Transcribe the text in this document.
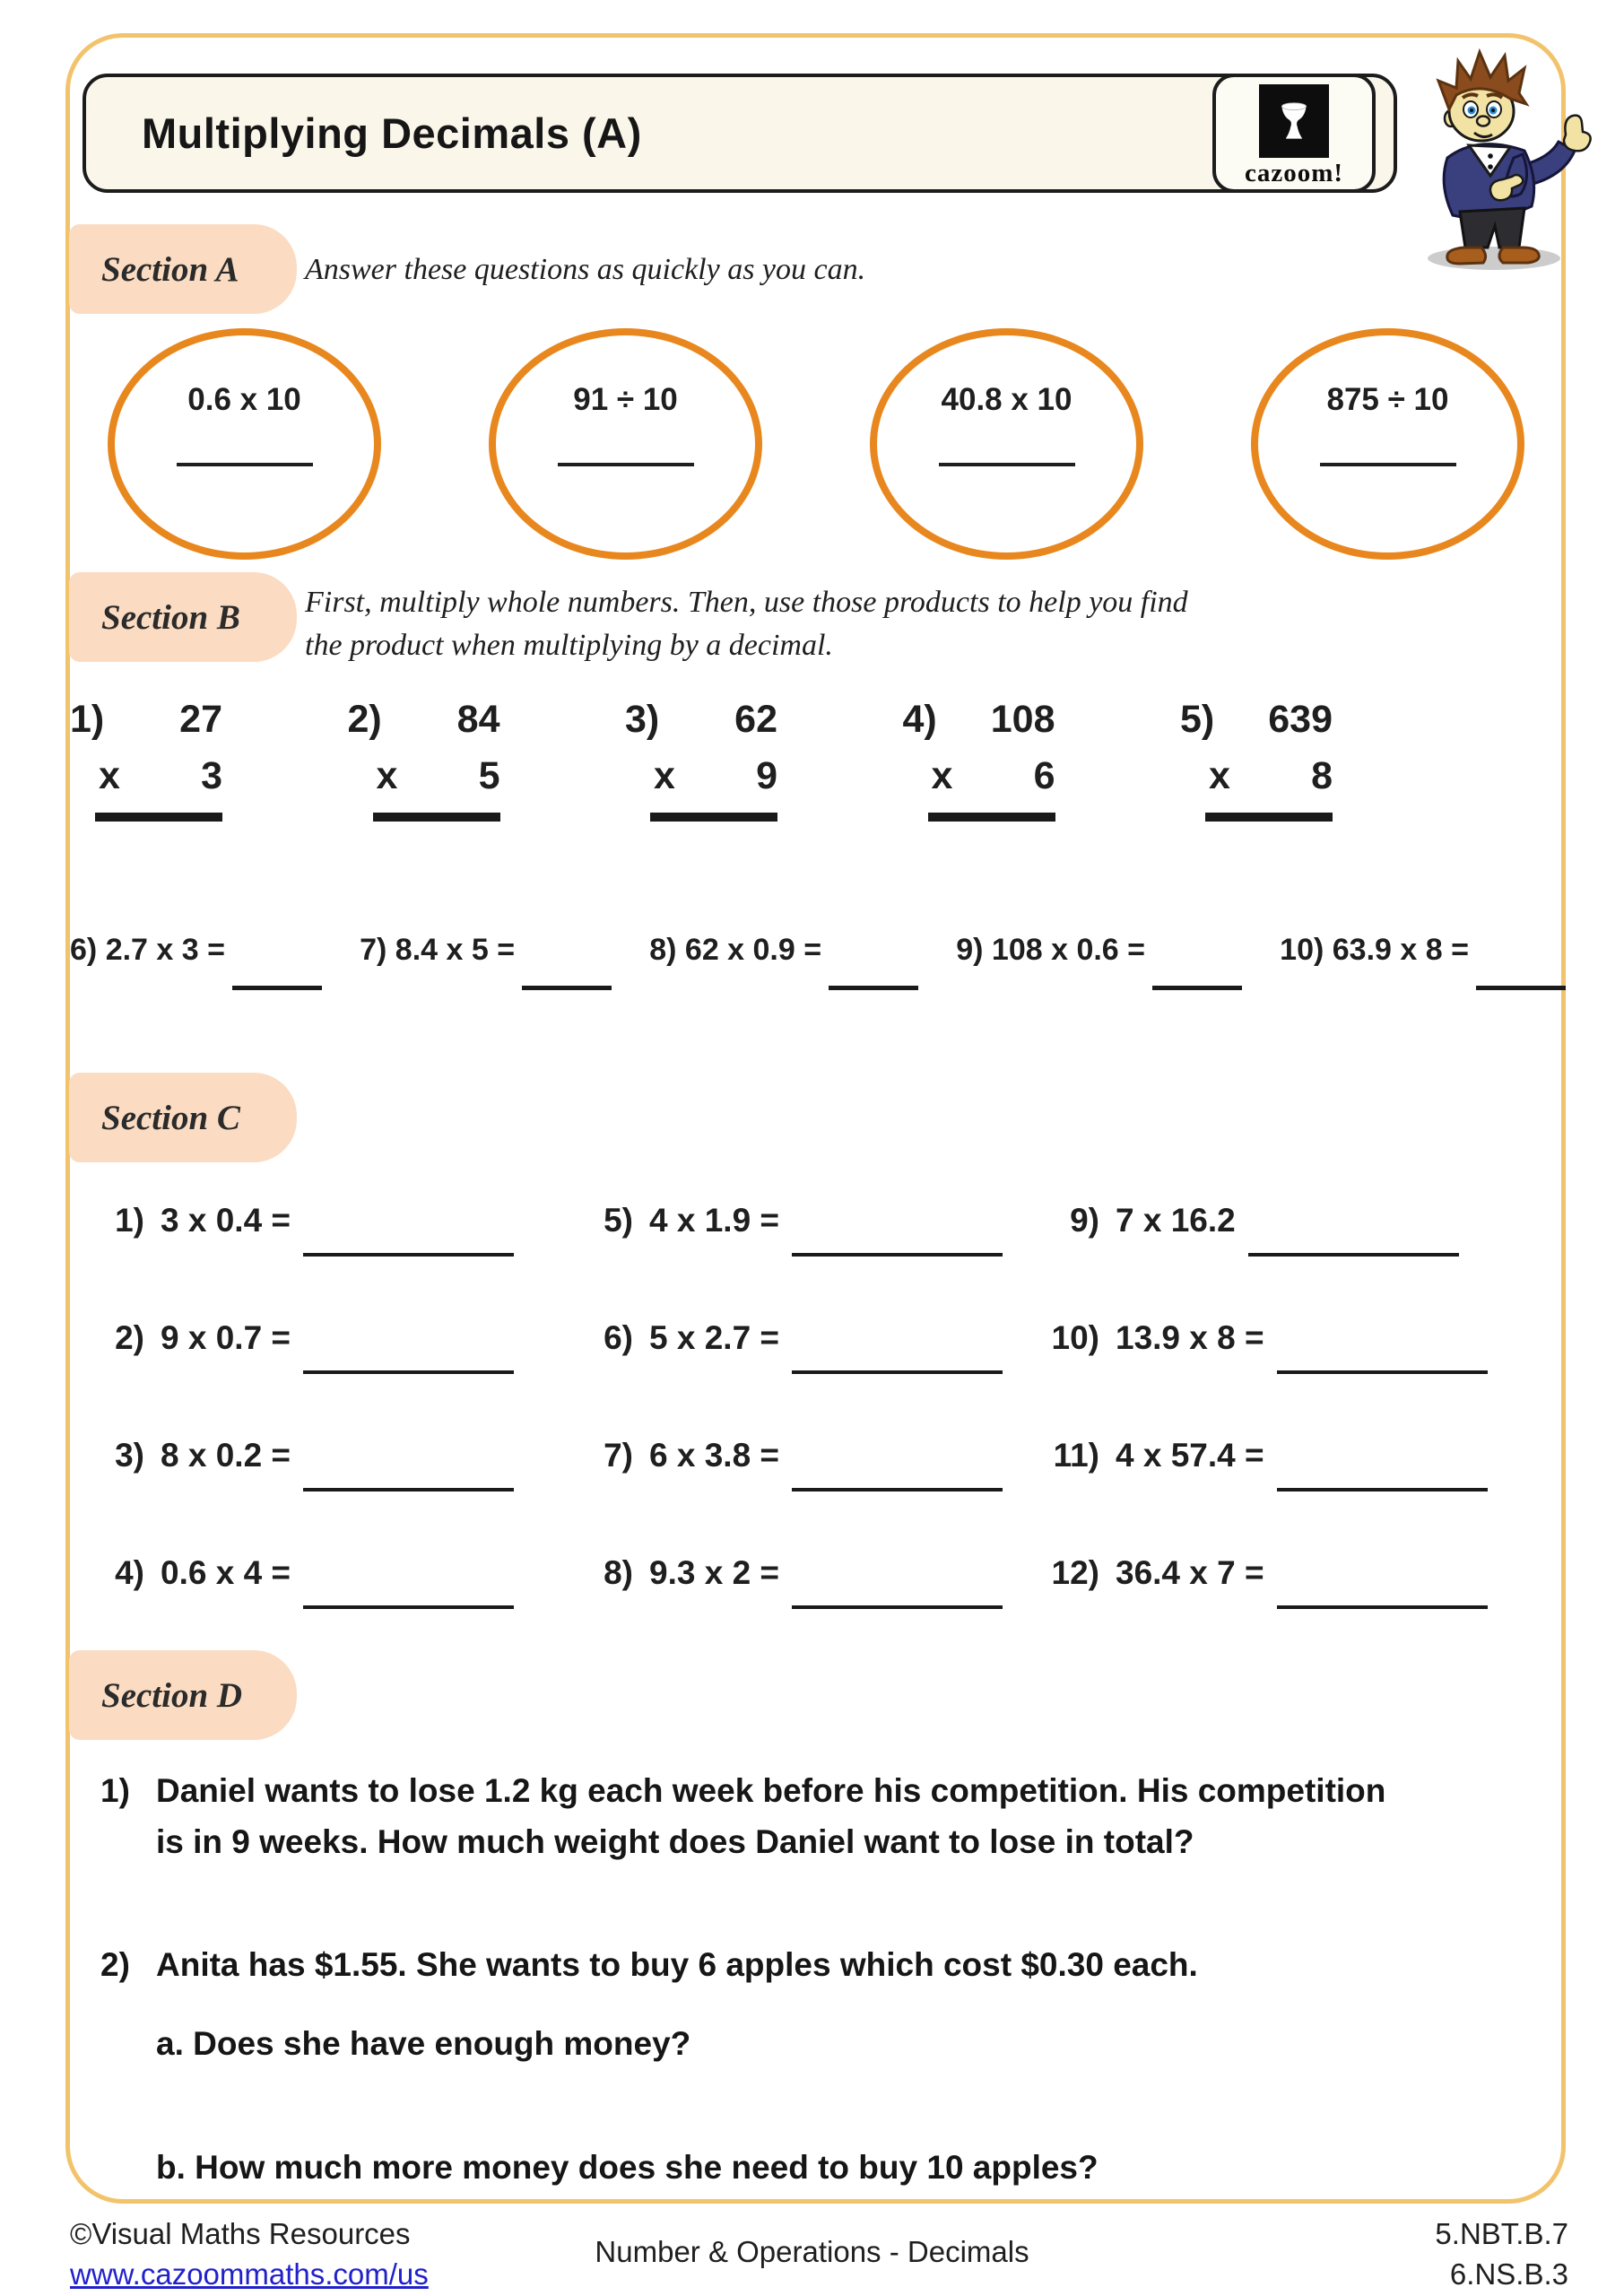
Multiplying Decimals (A)
cazoom!
Section A	Answer these questions as quickly as you can.
0.6 x 10	91 ÷ 10	40.8 x 10	875 ÷ 10
Section B	First, multiply whole numbers. Then, use those products to help you find
the product when multiplying by a decimal.
1)	27
x	3
2)	84
x	5
3)	62
x	9
4)	108
x	6
5)	639
x	8
6) 2.7 x 3 =	7) 8.4 x 5 =	8) 62 x 0.9 =	9) 108 x 0.6 =	10) 63.9 x 8 =
Section C
1) 3 x 0.4 =	5) 4 x 1.9 =	9) 7 x 16.2
2) 9 x 0.7 =	6) 5 x 2.7 =	10) 13.9 x 8 =
3) 8 x 0.2 =	7) 6 x 3.8 =	11) 4 x 57.4 =
4) 0.6 x 4 =	8) 9.3 x 2 =	12) 36.4 x 7 =
Section D
1) Daniel wants to lose 1.2 kg each week before his competition. His competition
is in 9 weeks. How much weight does Daniel want to lose in total?
2) Anita has $1.55. She wants to buy 6 apples which cost $0.30 each.
a. Does she have enough money?
b. How much more money does she need to buy 10 apples?
©Visual Maths Resources
www.cazoommaths.com/us
Number & Operations - Decimals
5.NBT.B.7
6.NS.B.3
